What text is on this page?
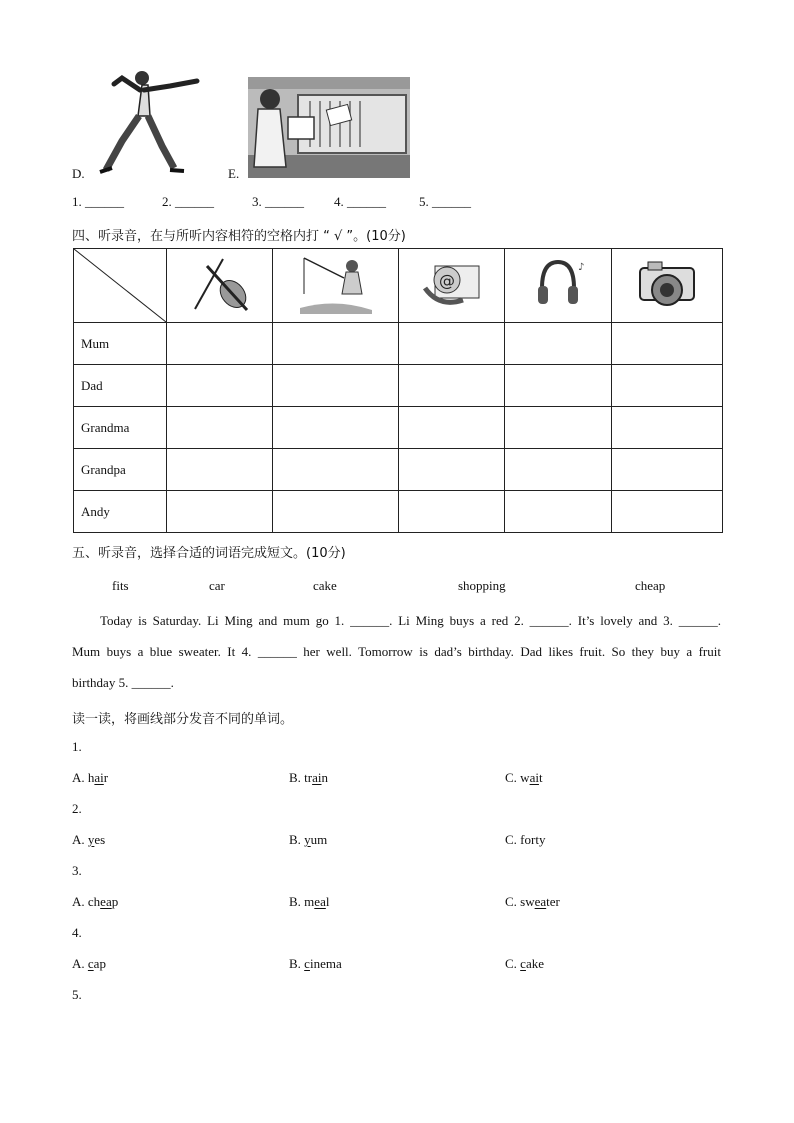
D.	E.
1. ______	2. ______	3. ______ 4. ______	5. ______
四、听录音，在与所听内容相符的空格内打 “ √ ”。(10分)

@	♪

Mum					
Dad					
Grandma					
Grandpa					
Andy					
五、听录音，选择合适的词语完成短文。(10分)
fits	car	cake	shopping	cheap
Today is Saturday. Li Ming and mum go 1. ______. Li Ming buys a red 2. ______. It’s lovely and 3. ______.
Mum buys a blue sweater. It 4. ______ her well. Tomorrow is dad’s birthday. Dad likes fruit. So they buy a fruit
birthday 5. ______.
读一读，将画线部分发音不同的单词。
1.
A. hair	B. train	C. wait
2.
A. yes	B. yum	C. forty
3.
A. cheap	B. meal	C. sweater
4.
A. cap	B. cinema	C. cake
5.
